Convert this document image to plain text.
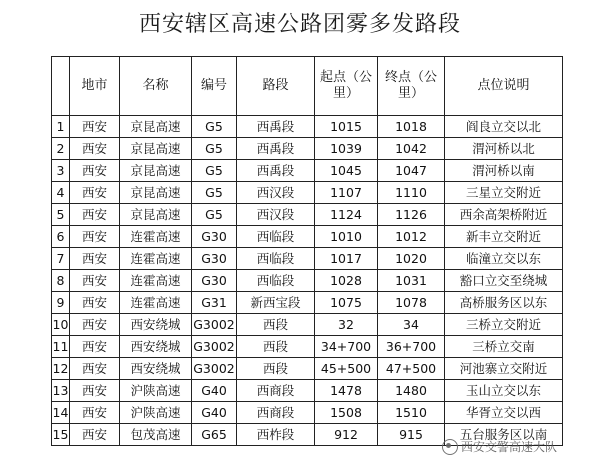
西安辖区高速公路团雾多发路段
	地市	名称	编号	路段	起点（公里）	终点（公里）	点位说明
1	西安	京昆高速	G5	西禹段	1015	1018	阎良立交以北
2	西安	京昆高速	G5	西禹段	1039	1042	渭河桥以北
3	西安	京昆高速	G5	西禹段	1045	1047	渭河桥以南
4	西安	京昆高速	G5	西汉段	1107	1110	三星立交附近
5	西安	京昆高速	G5	西汉段	1124	1126	西余高架桥附近
6	西安	连霍高速	G30	西临段	1010	1012	新丰立交附近
7	西安	连霍高速	G30	西临段	1017	1020	临潼立交以东
8	西安	连霍高速	G30	西临段	1028	1031	豁口立交至绕城
9	西安	连霍高速	G31	新西宝段	1075	1078	高桥服务区以东
10	西安	西安绕城	G3002	西段	32	34	三桥立交附近
11	西安	西安绕城	G3002	西段	34+700	36+700	三桥立交南
12	西安	西安绕城	G3002	西段	45+500	47+500	河池寨立交附近
13	西安	沪陕高速	G40	西商段	1478	1480	玉山立交以东
14	西安	沪陕高速	G40	西商段	1508	1510	华胥立交以西
15	西安	包茂高速	G65	西柞段	912	915	五台服务区以南
西安交警高速大队
